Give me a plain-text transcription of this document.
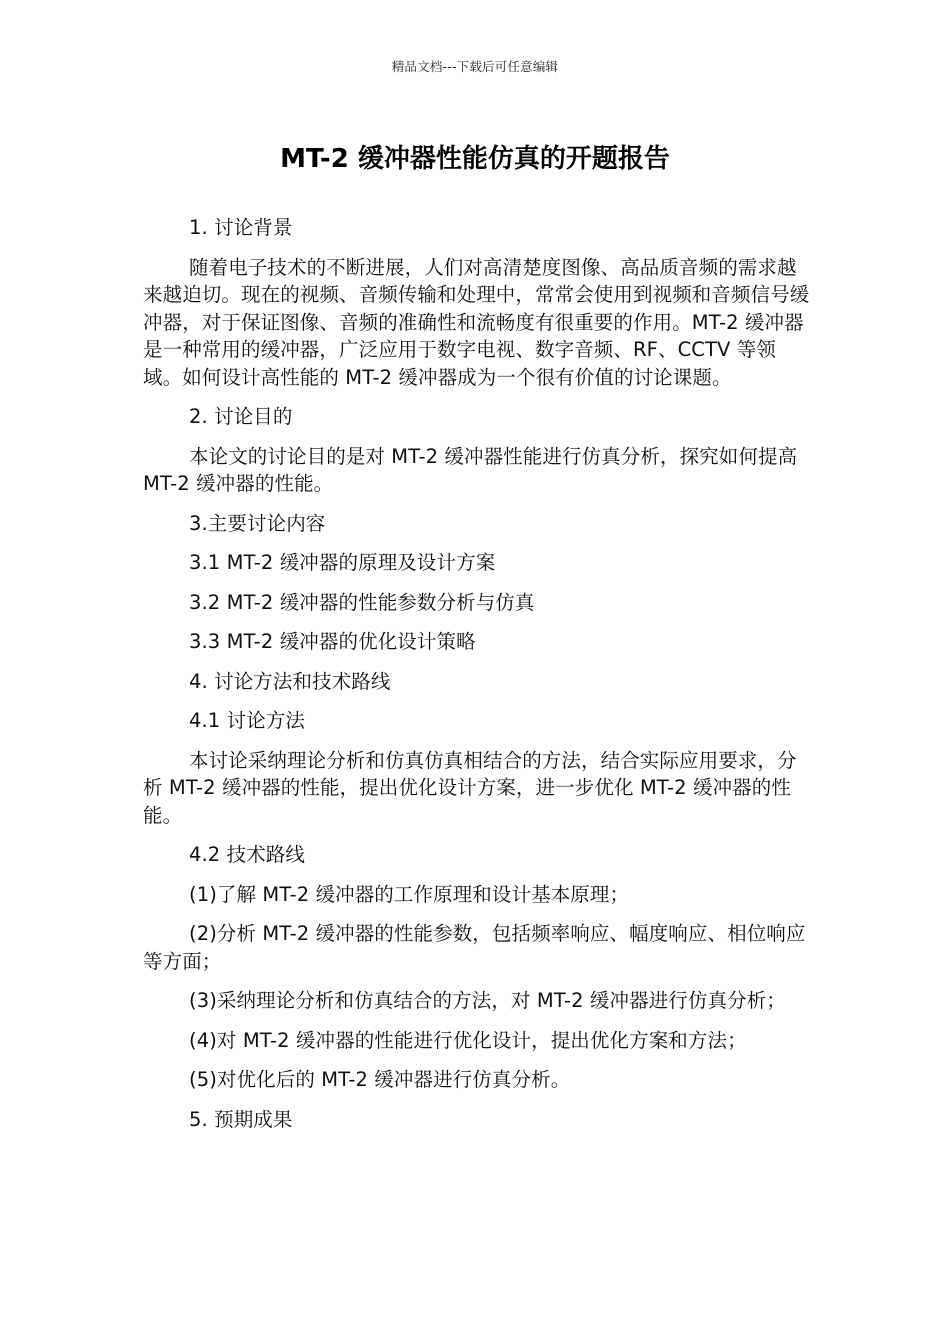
精品文档---下载后可任意编辑
MT-2 缓冲器性能仿真的开题报告

1. 讨论背景

随着电子技术的不断进展，人们对高清楚度图像、高品质音频的需求越来越迫切。现在的视频、音频传输和处理中，常常会使用到视频和音频信号缓冲器，对于保证图像、音频的准确性和流畅度有很重要的作用。MT-2 缓冲器是一种常用的缓冲器，广泛应用于数字电视、数字音频、RF、CCTV 等领域。如何设计高性能的 MT-2 缓冲器成为一个很有价值的讨论课题。

2. 讨论目的

本论文的讨论目的是对 MT-2 缓冲器性能进行仿真分析，探究如何提高 MT-2 缓冲器的性能。

3.主要讨论内容

3.1 MT-2 缓冲器的原理及设计方案

3.2 MT-2 缓冲器的性能参数分析与仿真

3.3 MT-2 缓冲器的优化设计策略

4. 讨论方法和技术路线

4.1 讨论方法

本讨论采纳理论分析和仿真仿真相结合的方法，结合实际应用要求，分析 MT-2 缓冲器的性能，提出优化设计方案，进一步优化 MT-2 缓冲器的性能。

4.2 技术路线

(1)了解 MT-2 缓冲器的工作原理和设计基本原理；

(2)分析 MT-2 缓冲器的性能参数，包括频率响应、幅度响应、相位响应等方面；

(3)采纳理论分析和仿真结合的方法，对 MT-2 缓冲器进行仿真分析；

(4)对 MT-2 缓冲器的性能进行优化设计，提出优化方案和方法；

(5)对优化后的 MT-2 缓冲器进行仿真分析。

5. 预期成果
